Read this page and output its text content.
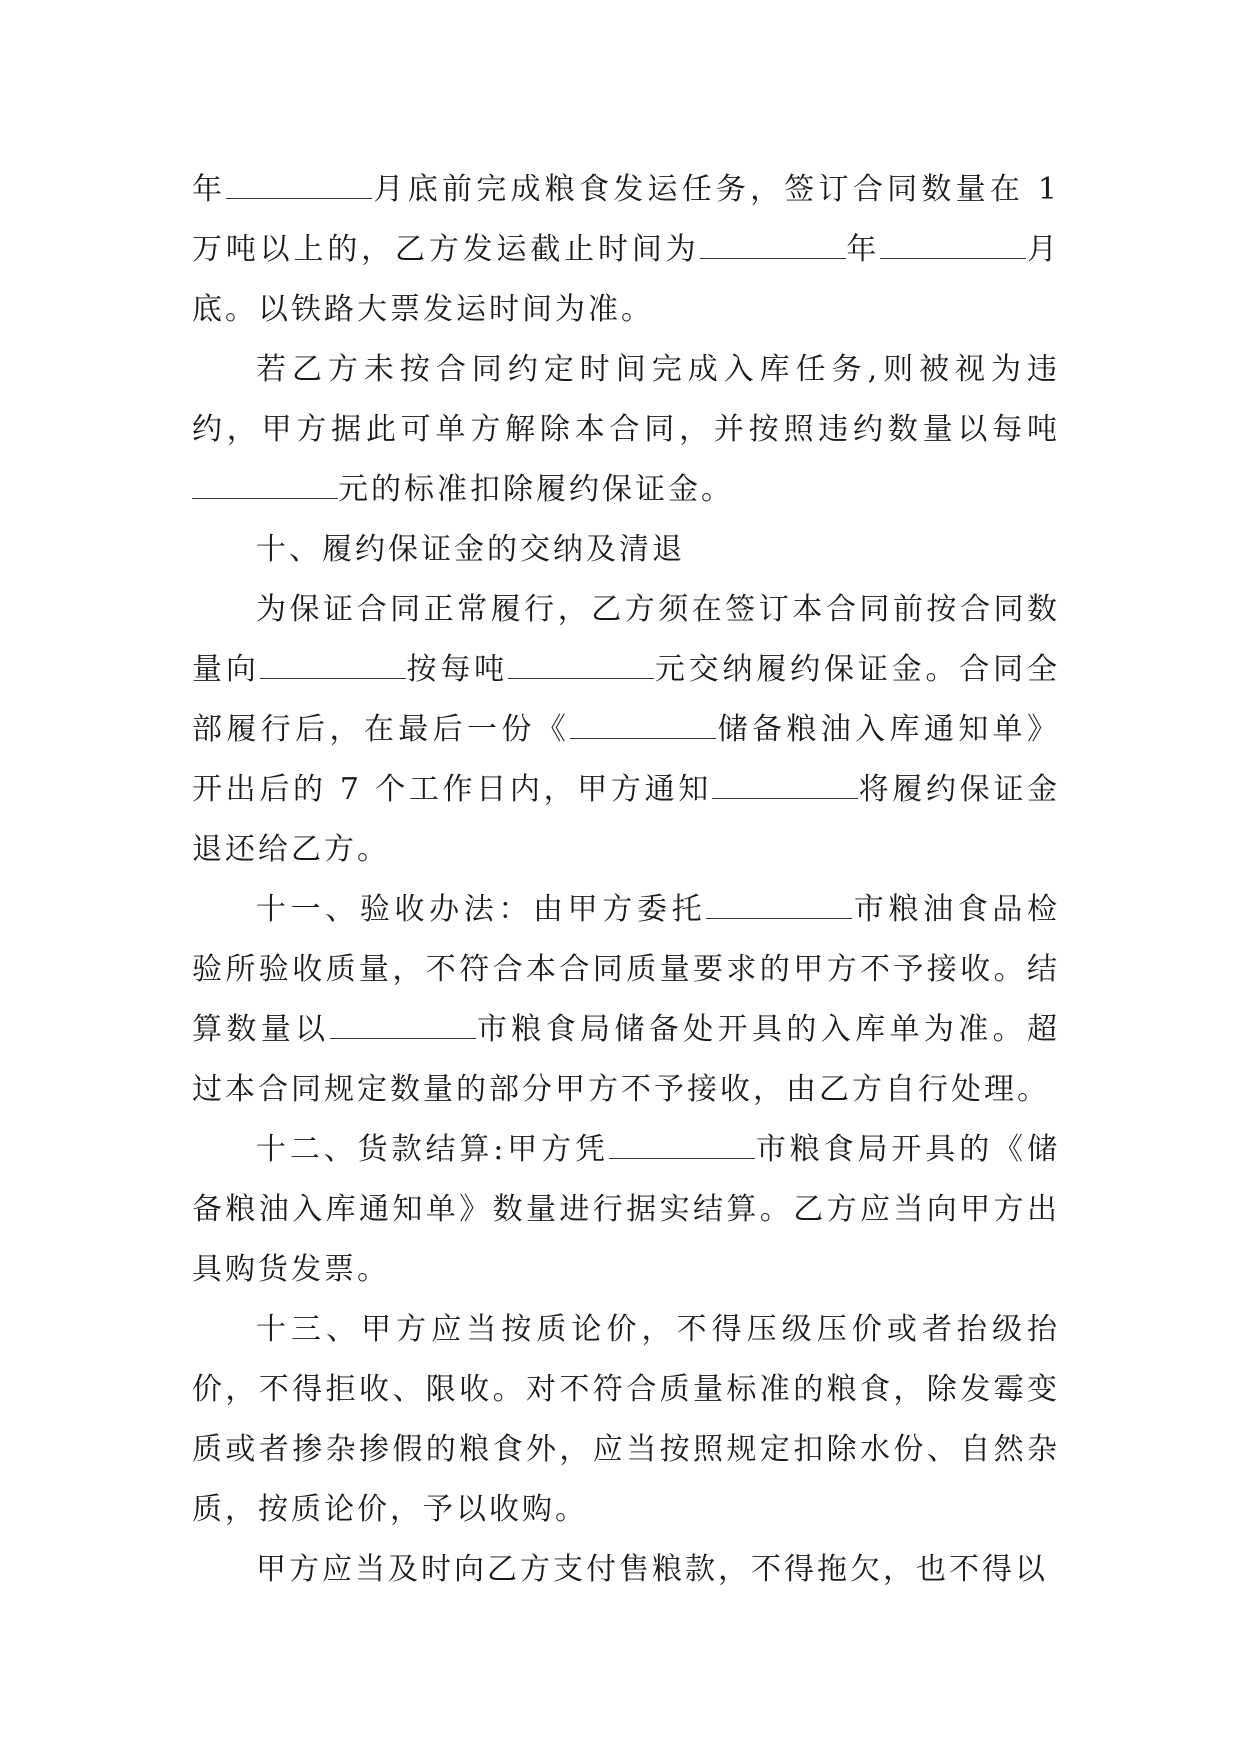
年	月底前完成粮食发运任务，签订合同数量在 1 万吨以上的，乙方发运截止时间为	年	月底。以铁路大票发运时间为准。

若乙方未按合同约定时间完成入库任务,则被视为违约，甲方据此可单方解除本合同，并按照违约数量以每吨元的标准扣除履约保证金。

十、履约保证金的交纳及清退

为保证合同正常履行，乙方须在签订本合同前按合同数量向	按每吨	元交纳履约保证金。合同全部履行后，在最后一份《	储备粮油入库通知单》开出后的 7 个工作日内，甲方通知	将履约保证金退还给乙方。

十一、验收办法：由甲方委托	市粮油食品检验所验收质量，不符合本合同质量要求的甲方不予接收。结算数量以	市粮食局储备处开具的入库单为准。超过本合同规定数量的部分甲方不予接收，由乙方自行处理。

十二、货款结算:甲方凭	市粮食局开具的《储备粮油入库通知单》数量进行据实结算。乙方应当向甲方出具购货发票。

十三、甲方应当按质论价，不得压级压价或者抬级抬价，不得拒收、限收。对不符合质量标准的粮食，除发霉变质或者掺杂掺假的粮食外，应当按照规定扣除水份、自然杂质，按质论价，予以收购。

甲方应当及时向乙方支付售粮款，不得拖欠，也不得以
